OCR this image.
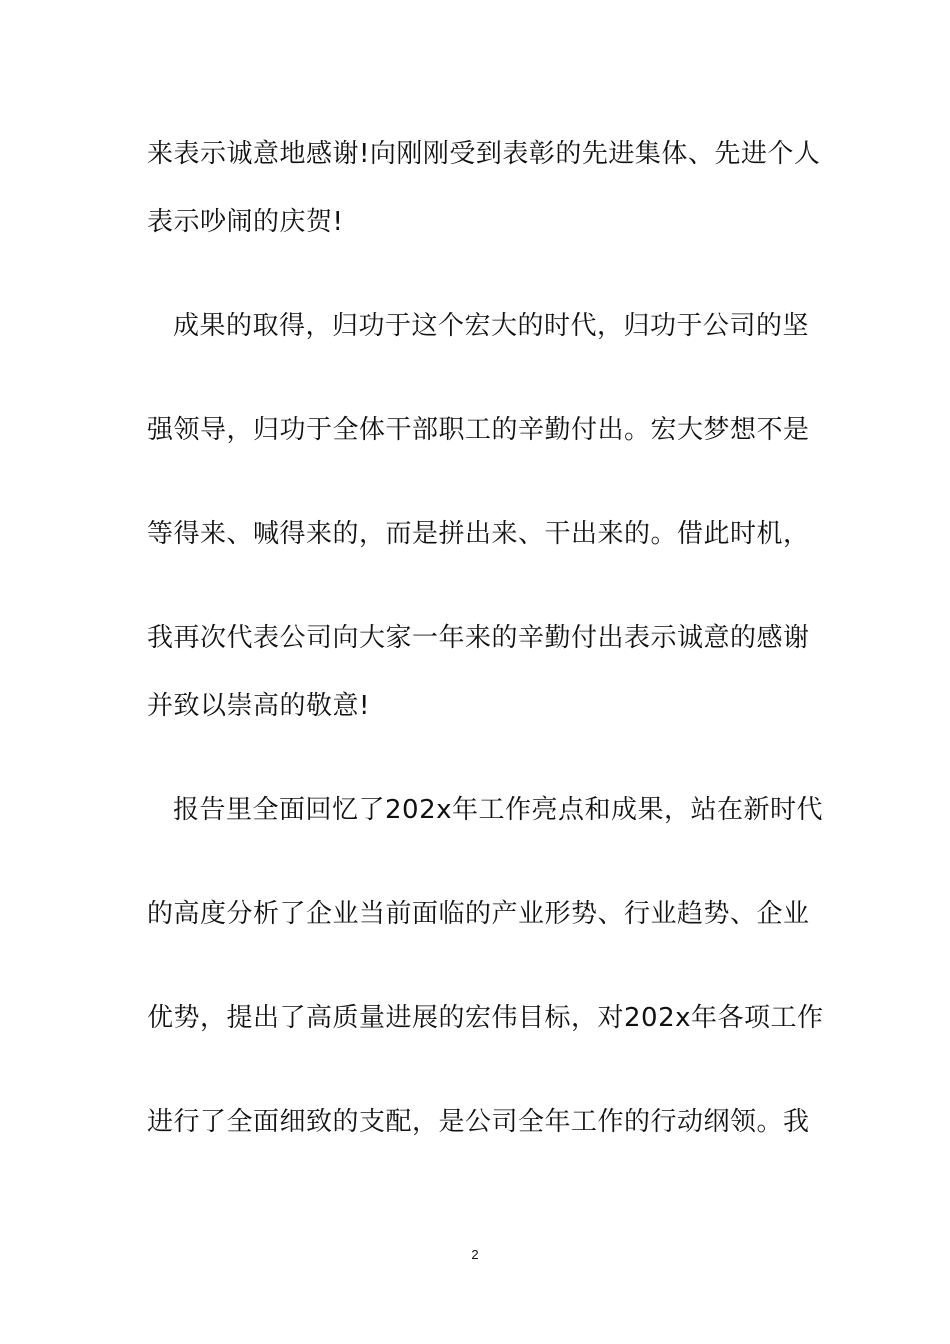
来表示诚意地感谢!向刚刚受到表彰的先进集体、先进个人
表示吵闹的庆贺!
成果的取得，归功于这个宏大的时代，归功于公司的坚
强领导，归功于全体干部职工的辛勤付出。宏大梦想不是
等得来、喊得来的，而是拼出来、干出来的。借此时机，
我再次代表公司向大家一年来的辛勤付出表示诚意的感谢
并致以崇高的敬意!
报告里全面回忆了202x年工作亮点和成果，站在新时代
的高度分析了企业当前面临的产业形势、行业趋势、企业
优势，提出了高质量进展的宏伟目标，对202x年各项工作
进行了全面细致的支配，是公司全年工作的行动纲领。我
2
